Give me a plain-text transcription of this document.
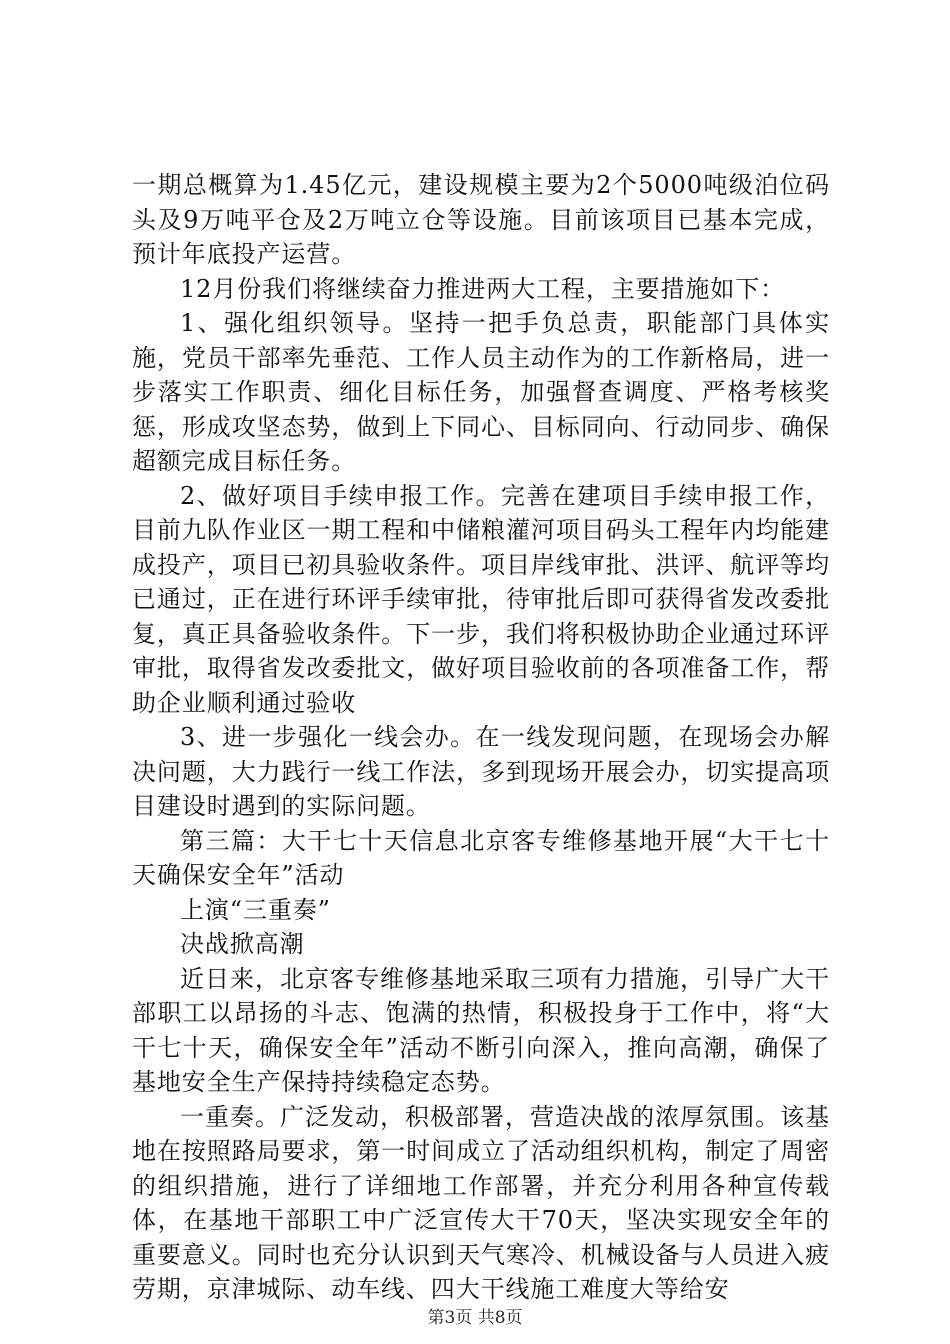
一期总概算为1.45亿元，建设规模主要为2个5000吨级泊位码头及9万吨平仓及2万吨立仓等设施。目前该项目已基本完成，预计年底投产运营。

12月份我们将继续奋力推进两大工程，主要措施如下：

1、强化组织领导。坚持一把手负总责，职能部门具体实施，党员干部率先垂范、工作人员主动作为的工作新格局，进一步落实工作职责、细化目标任务，加强督查调度、严格考核奖惩，形成攻坚态势，做到上下同心、目标同向、行动同步、确保超额完成目标任务。

2、做好项目手续申报工作。完善在建项目手续申报工作，目前九队作业区一期工程和中储粮灌河项目码头工程年内均能建成投产，项目已初具验收条件。项目岸线审批、洪评、航评等均已通过，正在进行环评手续审批，待审批后即可获得省发改委批复，真正具备验收条件。下一步，我们将积极协助企业通过环评审批，取得省发改委批文，做好项目验收前的各项准备工作，帮助企业顺利通过验收

3、进一步强化一线会办。在一线发现问题，在现场会办解决问题，大力践行一线工作法，多到现场开展会办，切实提高项目建设时遇到的实际问题。

第三篇：大干七十天信息北京客专维修基地开展“大干七十天确保安全年”活动

上演“三重奏”

决战掀高潮

近日来，北京客专维修基地采取三项有力措施，引导广大干部职工以昂扬的斗志、饱满的热情，积极投身于工作中，将“大干七十天，确保安全年”活动不断引向深入，推向高潮，确保了基地安全生产保持持续稳定态势。

一重奏。广泛发动，积极部署，营造决战的浓厚氛围。该基地在按照路局要求，第一时间成立了活动组织机构，制定了周密的组织措施，进行了详细地工作部署，并充分利用各种宣传载体，在基地干部职工中广泛宣传大干70天，坚决实现安全年的重要意义。同时也充分认识到天气寒冷、机械设备与人员进入疲劳期，京津城际、动车线、四大干线施工难度大等给安

第3页 共8页
